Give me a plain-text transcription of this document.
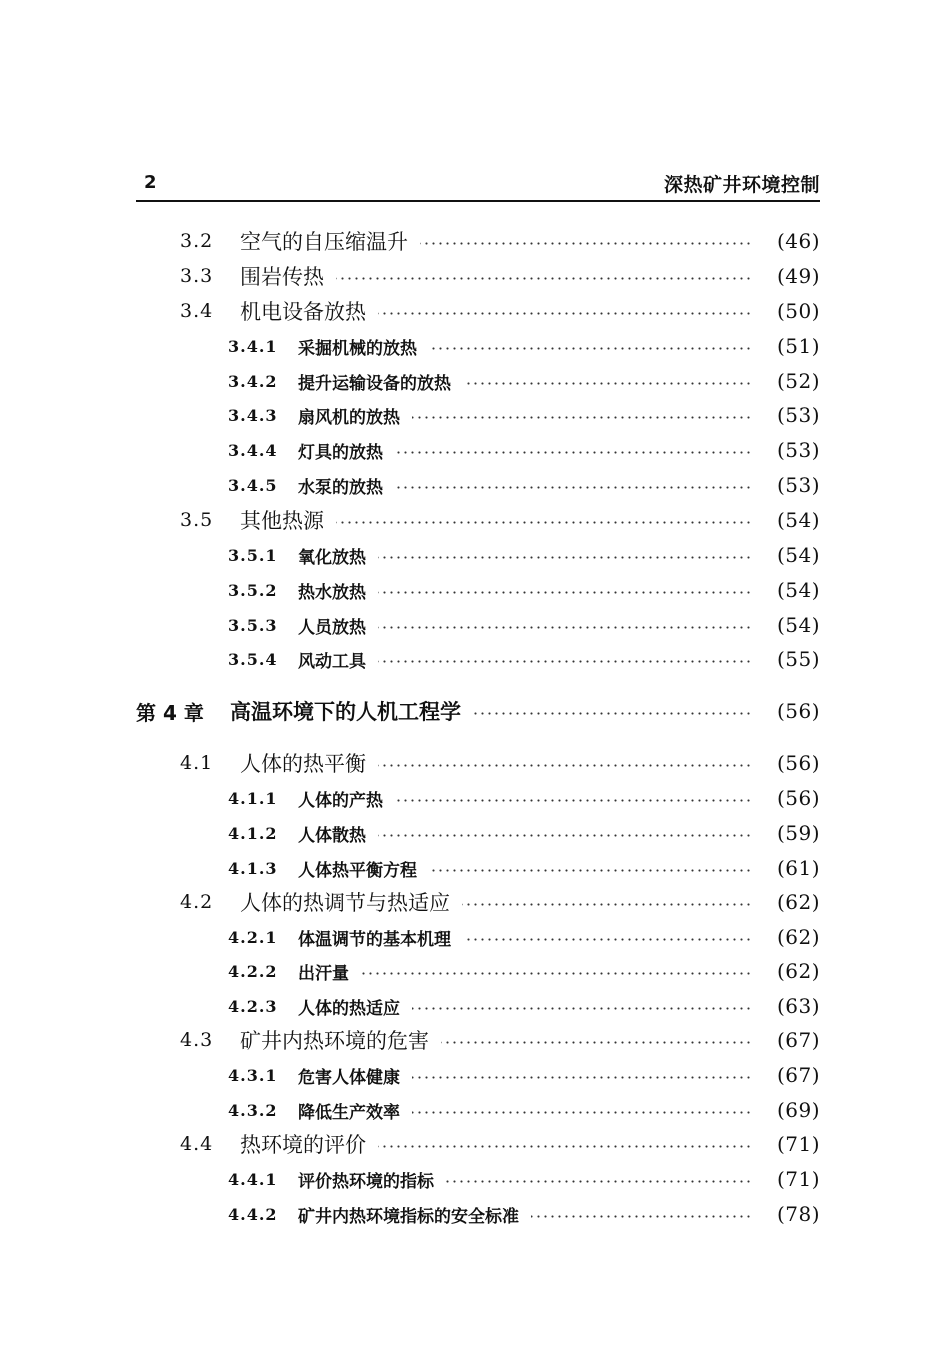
2	深热矿井环境控制
3.2	空气的自压缩温升	(46)
3.3	围岩传热	(49)
3.4	机电设备放热	(50)
3.4.1	采掘机械的放热	(51)
3.4.2	提升运输设备的放热	(52)
3.4.3	扇风机的放热	(53)
3.4.4	灯具的放热	(53)
3.4.5	水泵的放热	(53)
3.5	其他热源	(54)
3.5.1	氧化放热	(54)
3.5.2	热水放热	(54)
3.5.3	人员放热	(54)
3.5.4	风动工具	(55)
第 4 章	高温环境下的人机工程学	(56)
4.1	人体的热平衡	(56)
4.1.1	人体的产热	(56)
4.1.2	人体散热	(59)
4.1.3	人体热平衡方程	(61)
4.2	人体的热调节与热适应	(62)
4.2.1	体温调节的基本机理	(62)
4.2.2	出汗量	(62)
4.2.3	人体的热适应	(63)
4.3	矿井内热环境的危害	(67)
4.3.1	危害人体健康	(67)
4.3.2	降低生产效率	(69)
4.4	热环境的评价	(71)
4.4.1	评价热环境的指标	(71)
4.4.2	矿井内热环境指标的安全标准	(78)
